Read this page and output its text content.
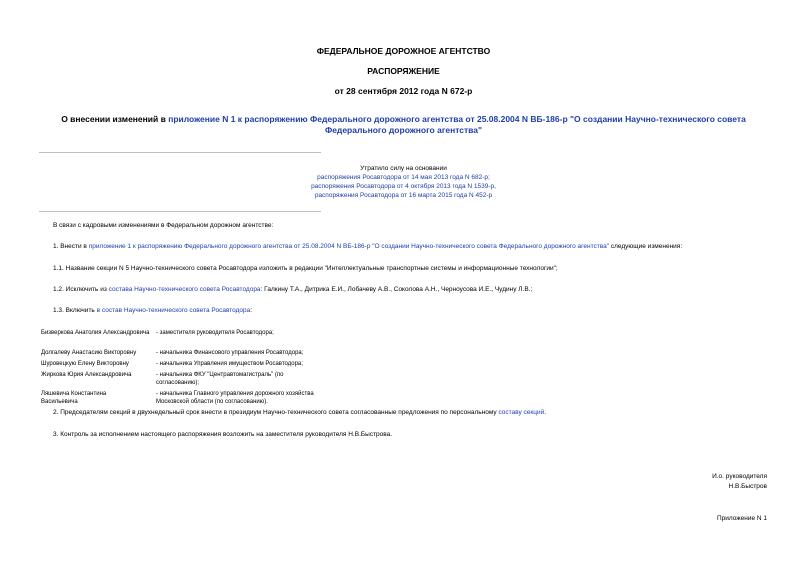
ФЕДЕРАЛЬНОЕ ДОРОЖНОЕ АГЕНТСТВО
РАСПОРЯЖЕНИЕ
от 28 сентября 2012 года N 672-р
О внесении изменений в приложение N 1 к распоряжению Федерального дорожного агентства от 25.08.2004 N ВБ-186-р "О создании Научно-технического совета Федерального дорожного агентства"
Утратило силу на основании
распоряжения Росавтодора от 14 мая 2013 года N 682-р;
распоряжения Росавтодора от 4 октября 2013 года N 1539-р,
распоряжения Росавтодора от 16 марта 2015 года N 452-р
В связи с кадровыми изменениями в Федеральном дорожном агентстве:
1. Внести в приложение 1 к распоряжению Федерального дорожного агентства от 25.08.2004 N ВБ-186-р "О создании Научно-технического совета Федерального дорожного агентства" следующие изменения:
1.1. Название секции N 5 Научно-технического совета Росавтодора изложить в редакции "Интеллектуальные транспортные системы и информационные технологии";
1.2. Исключить из состава Научно-технического совета Росавтодора: Галкину Т.А., Дитрика Е.И., Лобачеву А.В., Соколова А.Н., Черноусова И.Е., Чудину Л.В.;
1.3. Включить в состав Научно-технического совета Росавтодора:
Бизверкова Анатолия Александровича	- заместителя руководителя Росавтодора;
Долгалеву Анастасию Викторовну	- начальника Финансового управления Росавтодора;
Шуровецкую Елену Викторовну	- начальника Управления имуществом Росавтодора;
Жиркова Юрия Александровича	- начальника ФКУ "Центравтомагистраль" (по согласованию);
Ляшевича Константина Васильевича
- начальника Главного управления дорожного хозяйства Московской области (по согласованию).
2. Председателям секций в двухнедельный срок внести в президиум Научно-технического совета согласованные предложения по персональному составу секций.
3. Контроль за исполнением настоящего распоряжения возложить на заместителя руководителя Н.В.Быстрова.
И.о. руководителя
Н.В.Быстров
Приложение N 1
